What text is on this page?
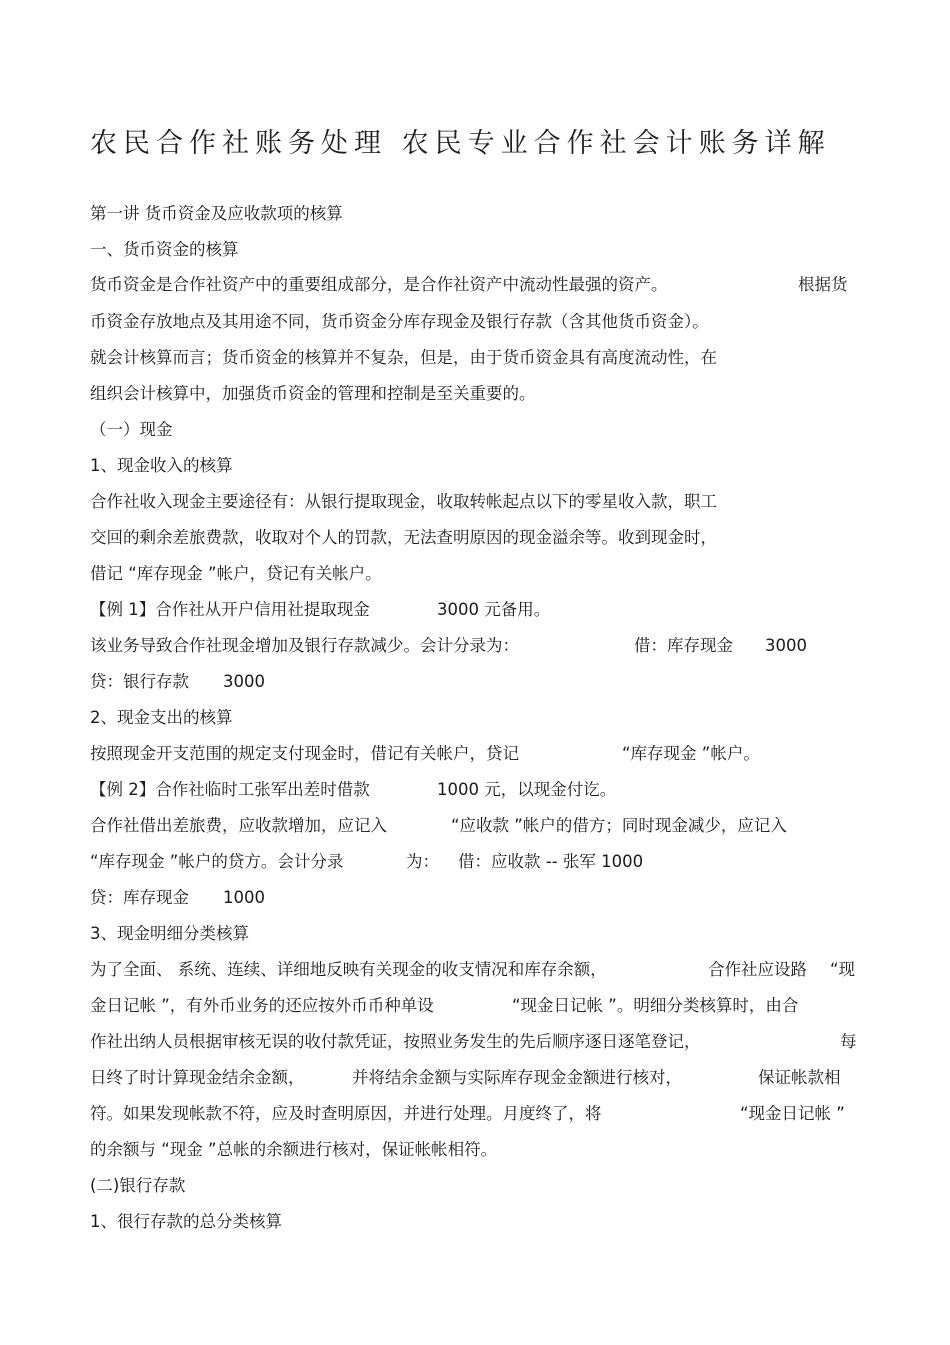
农民合作社账务处理 农民专业合作社会计账务详解
第一讲 货币资金及应收款项的核算
一、货币资金的核算
货币资金是合作社资产中的重要组成部分，是合作社资产中流动性最强的资产。	根据货
币资金存放地点及其用途不同，货币资金分库存现金及银行存款（含其他货币资金）。
就会计核算而言；货币资金的核算并不复杂，但是，由于货币资金具有高度流动性，在
组织会计核算中，加强货币资金的管理和控制是至关重要的。
（一）现金
1、现金收入的核算
合作社收入现金主要途径有：从银行提取现金，收取转帐起点以下的零星收入款，职工
交回的剩余差旅费款，收取对个人的罚款，无法查明原因的现金溢余等。收到现金时，
借记 “库存现金 ”帐户，贷记有关帐户。
【例 1】合作社从开户信用社提取现金	3000 元备用。
该业务导致合作社现金增加及银行存款减少。会计分录为：	借：库存现金 3000
贷：银行存款 3000
2、现金支出的核算
按照现金开支范围的规定支付现金时，借记有关帐户，贷记	“库存现金 ”帐户。
【例 2】合作社临时工张军出差时借款	1000 元，以现金付讫。
合作社借出差旅费，应收款增加，应记入	“应收款 ”帐户的借方；同时现金减少，应记入
“库存现金 ”帐户的贷方。会计分录	为： 借：应收款 -- 张军 1000
贷：库存现金 1000
3、现金明细分类核算
为了全面、 系统、连续、详细地反映有关现金的收支情况和库存余额，	合作社应设路 “现
金日记帐 ”，有外币业务的还应按外币币种单设	“现金日记帐 ”。明细分类核算时，由合
作社出纳人员根据审核无误的收付款凭证，按照业务发生的先后顺序逐日逐笔登记，	每
日终了时计算现金结余金额，	并将结余金额与实际库存现金金额进行核对，	保证帐款相
符。如果发现帐款不符，应及时查明原因，并进行处理。月度终了，将	“现金日记帐 ”
的余额与 “现金 ”总帐的余额进行核对，保证帐帐相符。
(二)银行存款
1、很行存款的总分类核算
